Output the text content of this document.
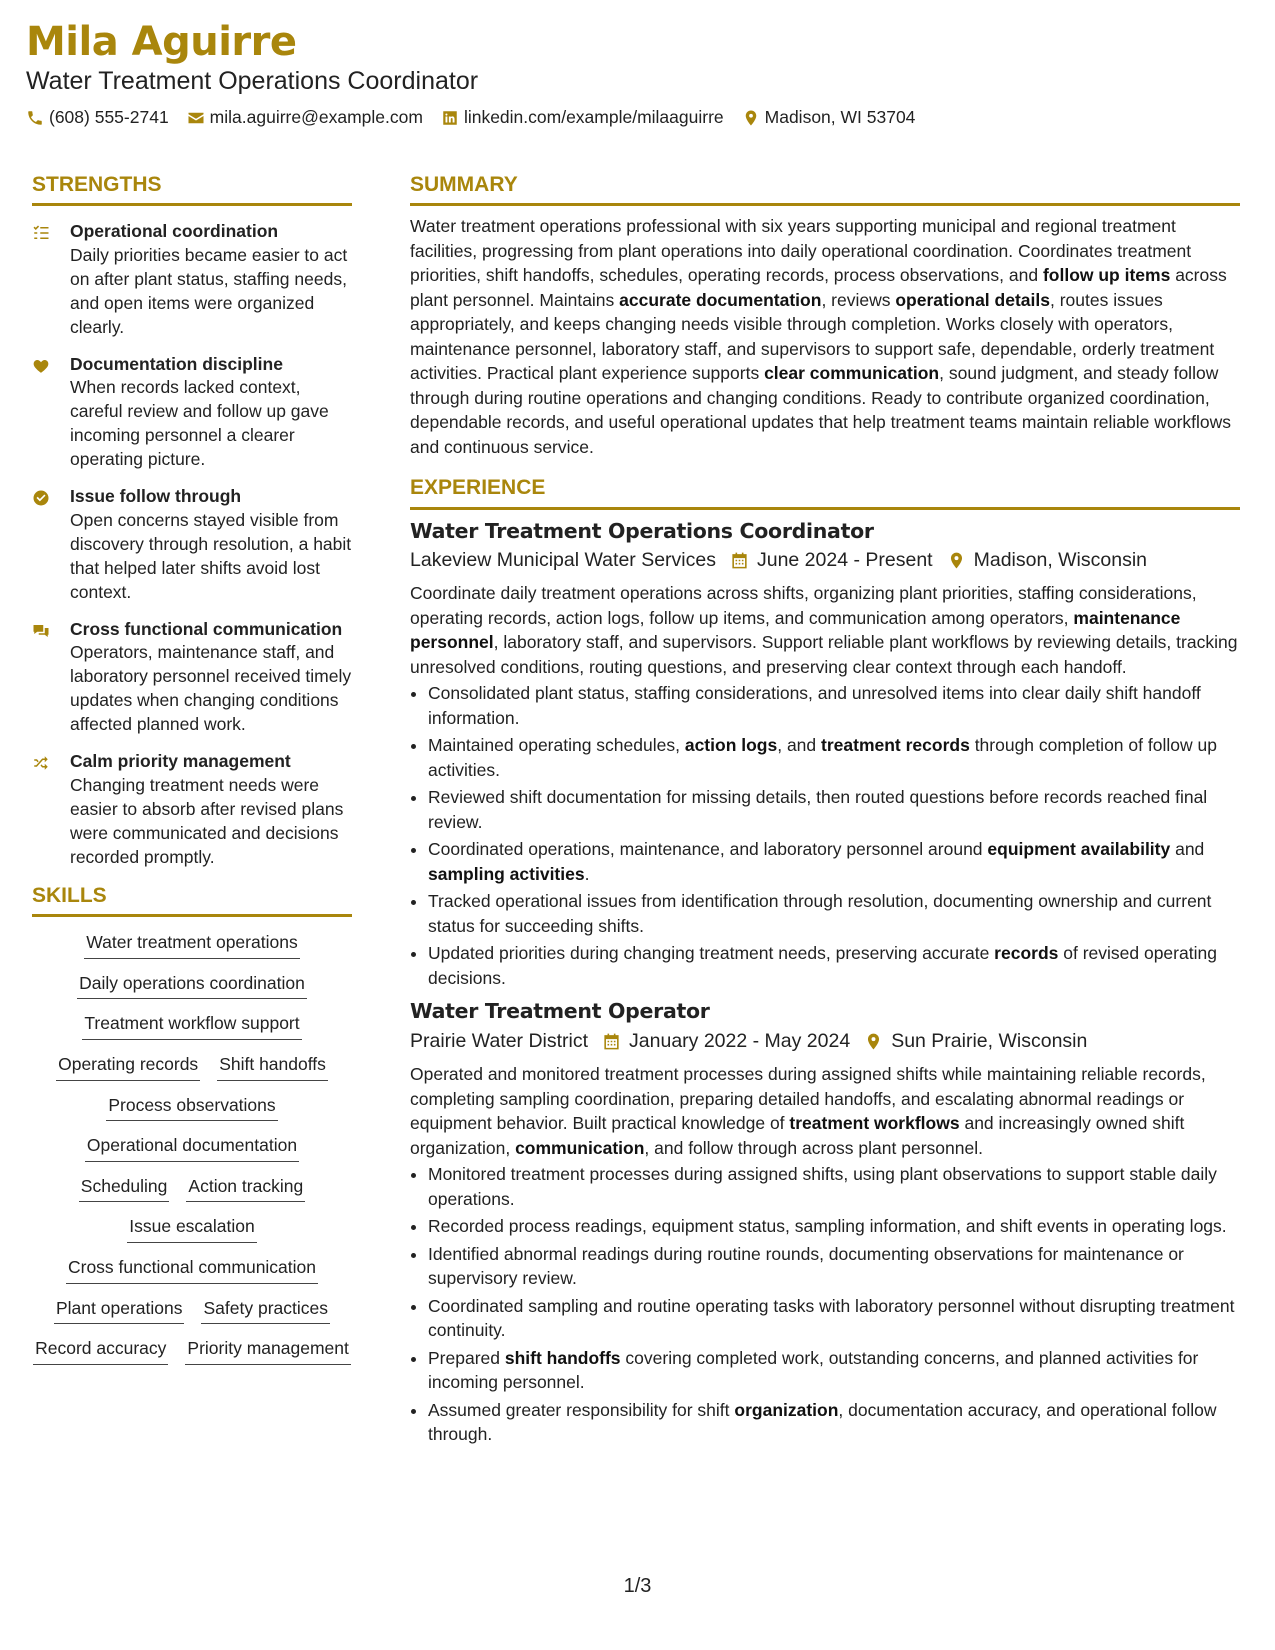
Mila Aguirre
Water Treatment Operations Coordinator
(608) 555-2741 mila.aguirre@example.com linkedin.com/example/milaaguirre Madison, WI 53704
STRENGTHS
Operational coordination
Daily priorities became easier to act on after plant status, staffing needs, and open items were organized clearly.
Documentation discipline
When records lacked context, careful review and follow up gave incoming personnel a clearer operating picture.
Issue follow through
Open concerns stayed visible from discovery through resolution, a habit that helped later shifts avoid lost context.
Cross functional communication
Operators, maintenance staff, and laboratory personnel received timely updates when changing conditions affected planned work.
Calm priority management
Changing treatment needs were easier to absorb after revised plans were communicated and decisions recorded promptly.
SKILLS
Water treatment operations
Daily operations coordination
Treatment workflow support
Operating records Shift handoffs
Process observations
Operational documentation
Scheduling Action tracking
Issue escalation
Cross functional communication
Plant operations Safety practices
Record accuracy Priority management
SUMMARY
Water treatment operations professional with six years supporting municipal and regional treatment facilities, progressing from plant operations into daily operational coordination. Coordinates treatment priorities, shift handoffs, schedules, operating records, process observations, and follow up items across plant personnel. Maintains accurate documentation, reviews operational details, routes issues appropriately, and keeps changing needs visible through completion. Works closely with operators, maintenance personnel, laboratory staff, and supervisors to support safe, dependable, orderly treatment activities. Practical plant experience supports clear communication, sound judgment, and steady follow through during routine operations and changing conditions. Ready to contribute organized coordination, dependable records, and useful operational updates that help treatment teams maintain reliable workflows and continuous service.
EXPERIENCE
Water Treatment Operations Coordinator
Lakeview Municipal Water Services June 2024 - Present Madison, Wisconsin
Coordinate daily treatment operations across shifts, organizing plant priorities, staffing considerations, operating records, action logs, follow up items, and communication among operators, maintenance personnel, laboratory staff, and supervisors. Support reliable plant workflows by reviewing details, tracking unresolved conditions, routing questions, and preserving clear context through each handoff.
• Consolidated plant status, staffing considerations, and unresolved items into clear daily shift handoff information.
• Maintained operating schedules, action logs, and treatment records through completion of follow up activities.
• Reviewed shift documentation for missing details, then routed questions before records reached final review.
• Coordinated operations, maintenance, and laboratory personnel around equipment availability and sampling activities.
• Tracked operational issues from identification through resolution, documenting ownership and current status for succeeding shifts.
• Updated priorities during changing treatment needs, preserving accurate records of revised operating decisions.
Water Treatment Operator
Prairie Water District January 2022 - May 2024 Sun Prairie, Wisconsin
Operated and monitored treatment processes during assigned shifts while maintaining reliable records, completing sampling coordination, preparing detailed handoffs, and escalating abnormal readings or equipment behavior. Built practical knowledge of treatment workflows and increasingly owned shift organization, communication, and follow through across plant personnel.
• Monitored treatment processes during assigned shifts, using plant observations to support stable daily operations.
• Recorded process readings, equipment status, sampling information, and shift events in operating logs.
• Identified abnormal readings during routine rounds, documenting observations for maintenance or supervisory review.
• Coordinated sampling and routine operating tasks with laboratory personnel without disrupting treatment continuity.
• Prepared shift handoffs covering completed work, outstanding concerns, and planned activities for incoming personnel.
• Assumed greater responsibility for shift organization, documentation accuracy, and operational follow through.
1/3
